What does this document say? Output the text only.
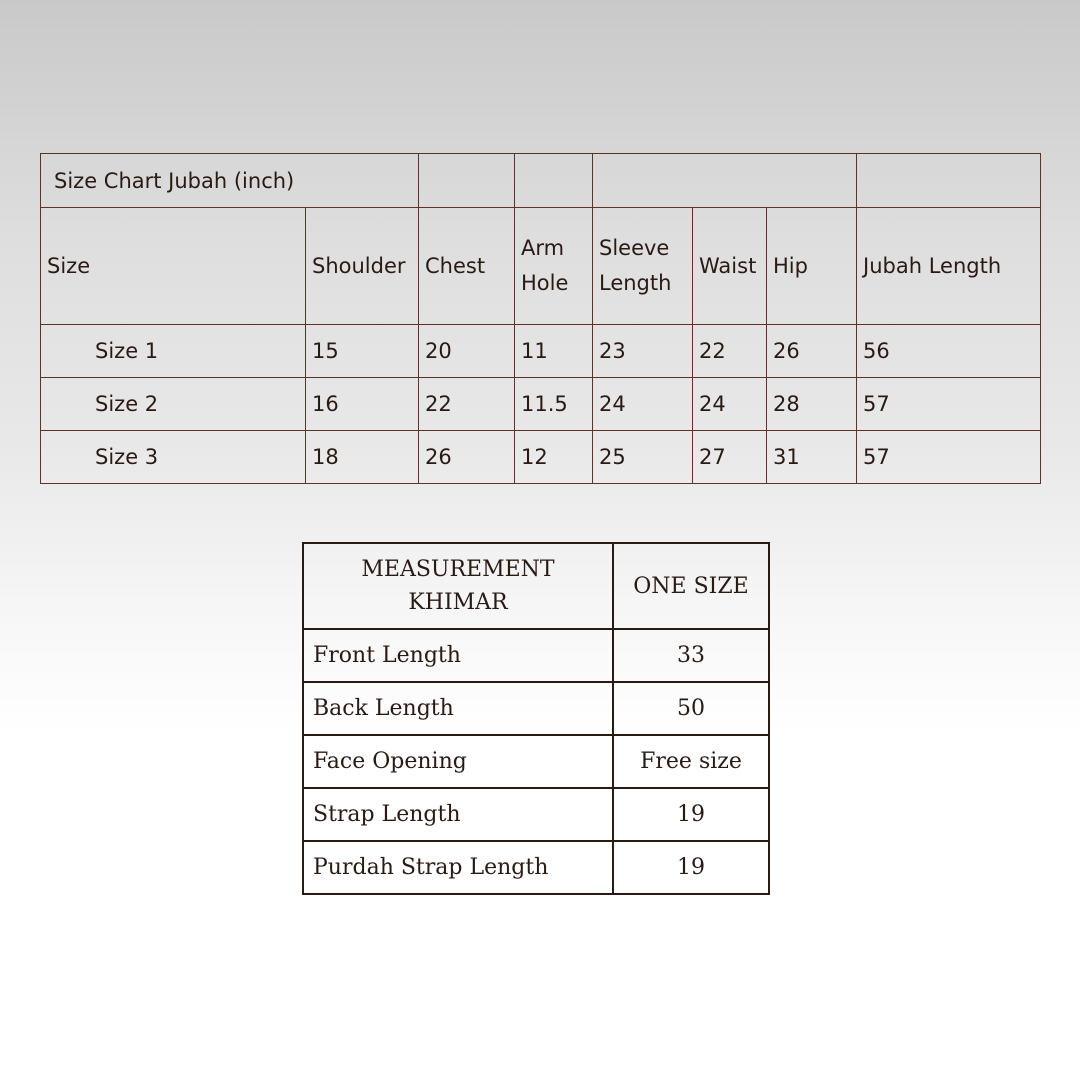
Size Chart Jubah (inch)							
Size	Shoulder	Chest	Arm Hole	Sleeve Length	Waist	Hip	Jubah Length
Size 1	15	20	11	23	22	26	56
Size 2	16	22	11.5	24	24	28	57
Size 3	18	26	12	25	27	31	57
MEASUREMENT KHIMAR	ONE SIZE
Front Length	33
Back Length	50
Face Opening	Free size
Strap Length	19
Purdah Strap Length	19
